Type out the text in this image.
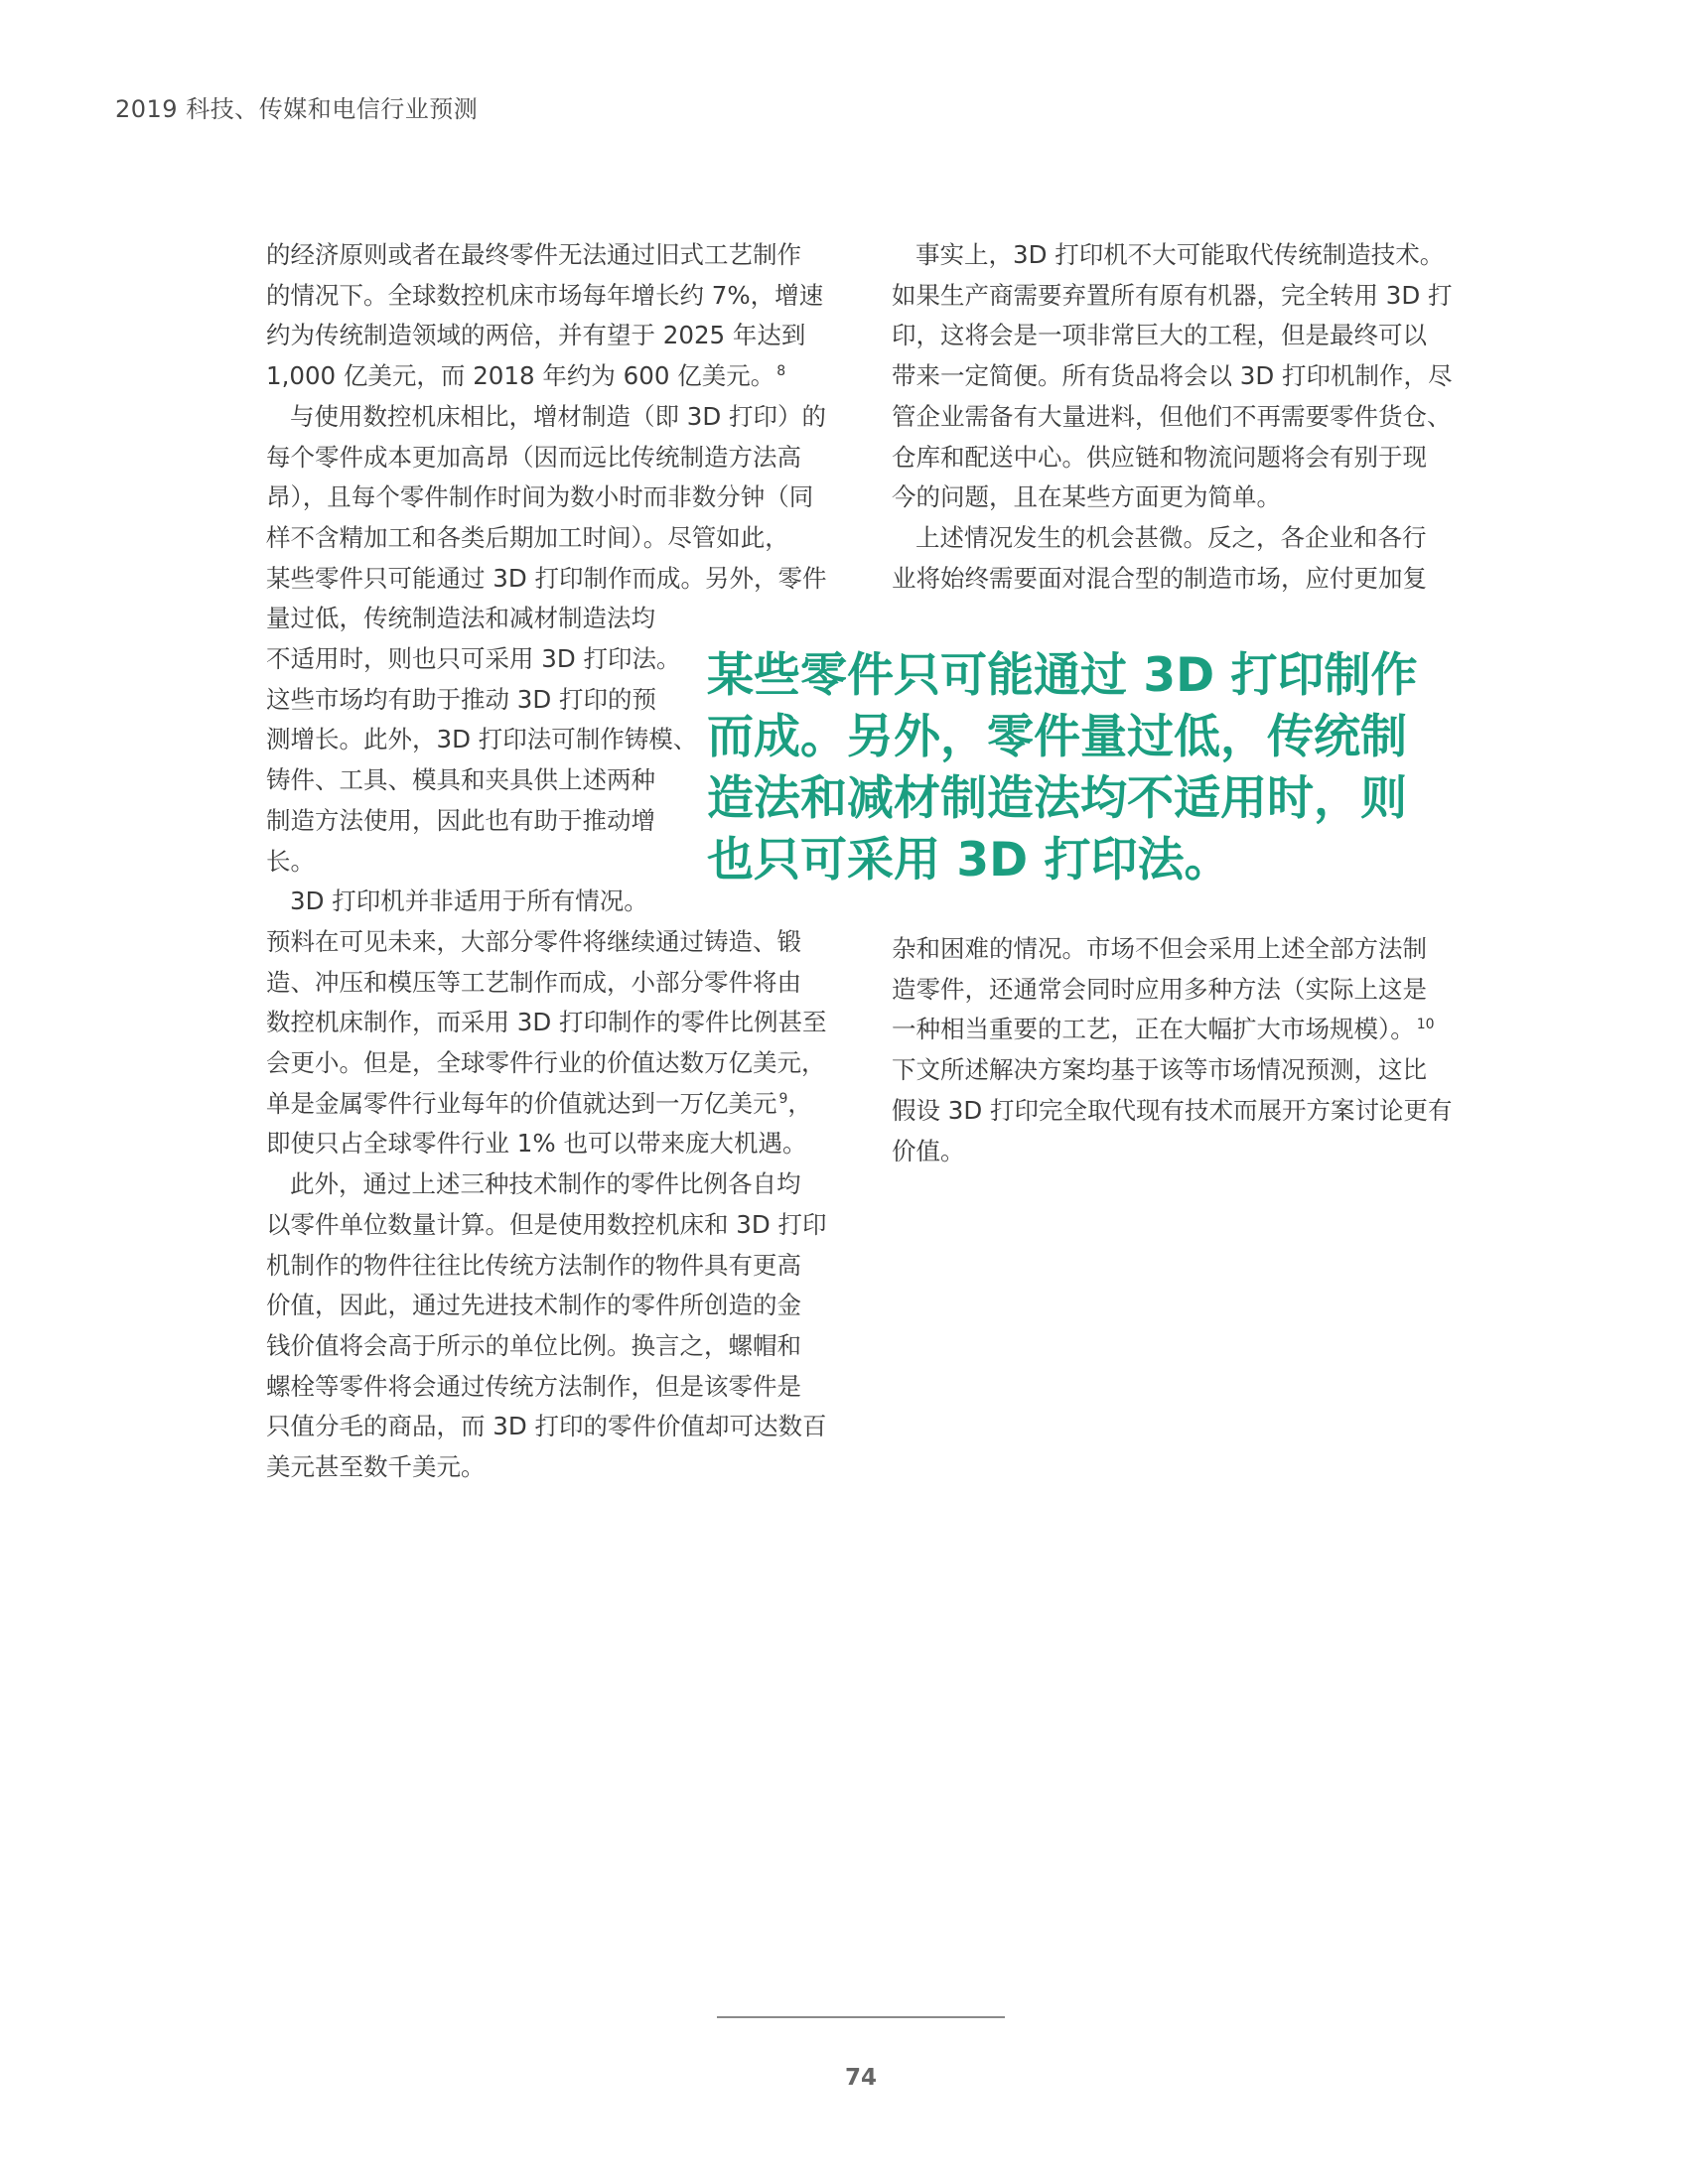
2019 科技、传媒和电信行业预测
的经济原则或者在最终零件无法通过旧式工艺制作
的情况下。全球数控机床市场每年增长约 7%，增速
约为传统制造领域的两倍，并有望于 2025 年达到
1,000 亿美元，而 2018 年约为 600 亿美元。 $^8$
与使用数控机床相比，增材制造（即 3D 打印）的
每个零件成本更加高昂（因而远比传统制造方法高
昂），且每个零件制作时间为数小时而非数分钟（同
样不含精加工和各类后期加工时间）。尽管如此，
某些零件只可能通过 3D 打印制作而成。另外，零件
量过低，传统制造法和减材制造法均
不适用时，则也只可采用 3D 打印法。
这些市场均有助于推动 3D 打印的预
测增长。此外，3D 打印法可制作铸模、
铸件、工具、模具和夹具供上述两种
制造方法使用，因此也有助于推动增
长。
3D 打印机并非适用于所有情况。
预料在可见未来，大部分零件将继续通过铸造、锻
造、冲压和模压等工艺制作而成，小部分零件将由
数控机床制作，而采用 3D 打印制作的零件比例甚至
会更小。但是，全球零件行业的价值达数万亿美元，
单是金属零件行业每年的价值就达到一万亿美元 $^9$，
即使只占全球零件行业 1% 也可以带来庞大机遇。
此外，通过上述三种技术制作的零件比例各自均
以零件单位数量计算。但是使用数控机床和 3D 打印
机制作的物件往往比传统方法制作的物件具有更高
价值，因此，通过先进技术制作的零件所创造的金
钱价值将会高于所示的单位比例。换言之，螺帽和
螺栓等零件将会通过传统方法制作，但是该零件是
只值分毛的商品，而 3D 打印的零件价值却可达数百
美元甚至数千美元。
事实上，3D 打印机不大可能取代传统制造技术。
如果生产商需要弃置所有原有机器，完全转用 3D 打
印，这将会是一项非常巨大的工程，但是最终可以
带来一定简便。所有货品将会以 3D 打印机制作，尽
管企业需备有大量进料，但他们不再需要零件货仓、
仓库和配送中心。供应链和物流问题将会有别于现
今的问题，且在某些方面更为简单。
上述情况发生的机会甚微。反之，各企业和各行
业将始终需要面对混合型的制造市场，应付更加复
杂和困难的情况。市场不但会采用上述全部方法制
造零件，还通常会同时应用多种方法（实际上这是
一种相当重要的工艺，正在大幅扩大市场规模）。 $^{10}$
下文所述解决方案均基于该等市场情况预测，这比
假设 3D 打印完全取代现有技术而展开方案讨论更有
价值。
某些零件只可能通过 3D 打印制作
而成。另外，零件量过低，传统制
造法和减材制造法均不适用时，则
也只可采用 3D 打印法。
74
